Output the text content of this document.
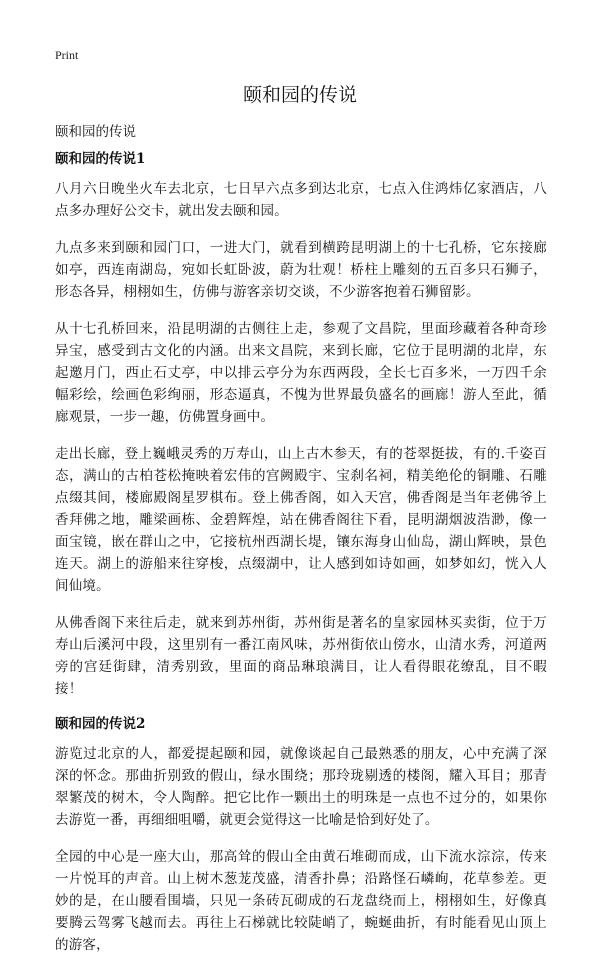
Print
颐和园的传说
颐和园的传说
颐和园的传说1

八月六日晚坐火车去北京，七日早六点多到达北京，七点入住鸿炜亿家酒店，八点多办理好公交卡，就出发去颐和园。

九点多来到颐和园门口，一进大门，就看到横跨昆明湖上的十七孔桥，它东接廊如亭，西连南湖岛，宛如长虹卧波，蔚为壮观！桥柱上雕刻的五百多只石狮子，形态各异，栩栩如生，仿佛与游客亲切交谈，不少游客抱着石狮留影。

从十七孔桥回来，沿昆明湖的古侧往上走，参观了文昌院，里面珍藏着各种奇珍异宝，感受到古文化的内涵。出来文昌院，来到长廊，它位于昆明湖的北岸，东起邀月门，西止石丈亭，中以排云亭分为东西两段，全长七百多米，一万四千余幅彩绘，绘画色彩绚丽，形态逼真，不愧为世界最负盛名的画廊！游人至此，循廊观景，一步一趣，仿佛置身画中。

走出长廊，登上巍峨灵秀的万寿山，山上古木参天，有的苍翠挺拔，有的.千姿百态，满山的古柏苍松掩映着宏伟的宫阙殿宇、宝刹名祠，精美绝伦的铜雕、石雕点缀其间，楼廊殿阁星罗棋布。登上佛香阁，如入天宫，佛香阁是当年老佛爷上香拜佛之地，雕梁画栋、金碧辉煌，站在佛香阁往下看，昆明湖烟波浩渺，像一面宝镜，嵌在群山之中，它接杭州西湖长堤，镶东海身山仙岛，湖山辉映，景色连天。湖上的游船来往穿梭，点缀湖中，让人感到如诗如画，如梦如幻，恍入人间仙境。

从佛香阁下来往后走，就来到苏州街，苏州街是著名的皇家园林买卖街，位于万寿山后溪河中段，这里别有一番江南风味，苏州街依山傍水，山清水秀，河道两旁的宫廷街肆，清秀别致，里面的商品琳琅满目，让人看得眼花缭乱，目不暇接！

颐和园的传说2

游览过北京的人，都爱提起颐和园，就像谈起自己最熟悉的朋友，心中充满了深深的怀念。那曲折别致的假山，绿水围绕；那玲珑剔透的楼阁，耀入耳目；那青翠繁茂的树木，令人陶醉。把它比作一颗出土的明珠是一点也不过分的，如果你去游览一番，再细细咀嚼，就更会觉得这一比喻是恰到好处了。

全园的中心是一座大山，那高耸的假山全由黄石堆砌而成，山下流水淙淙，传来一片悦耳的声音。山上树木葱茏茂盛，清香扑鼻；沿路怪石嶙峋，花草参差。更妙的是，在山腰看围墙，只见一条砖瓦砌成的石龙盘绕而上，栩栩如生，好像真要腾云驾雾飞越而去。再往上石梯就比较陡峭了，蜿蜒曲折，有时能看见山顶上的游客，
